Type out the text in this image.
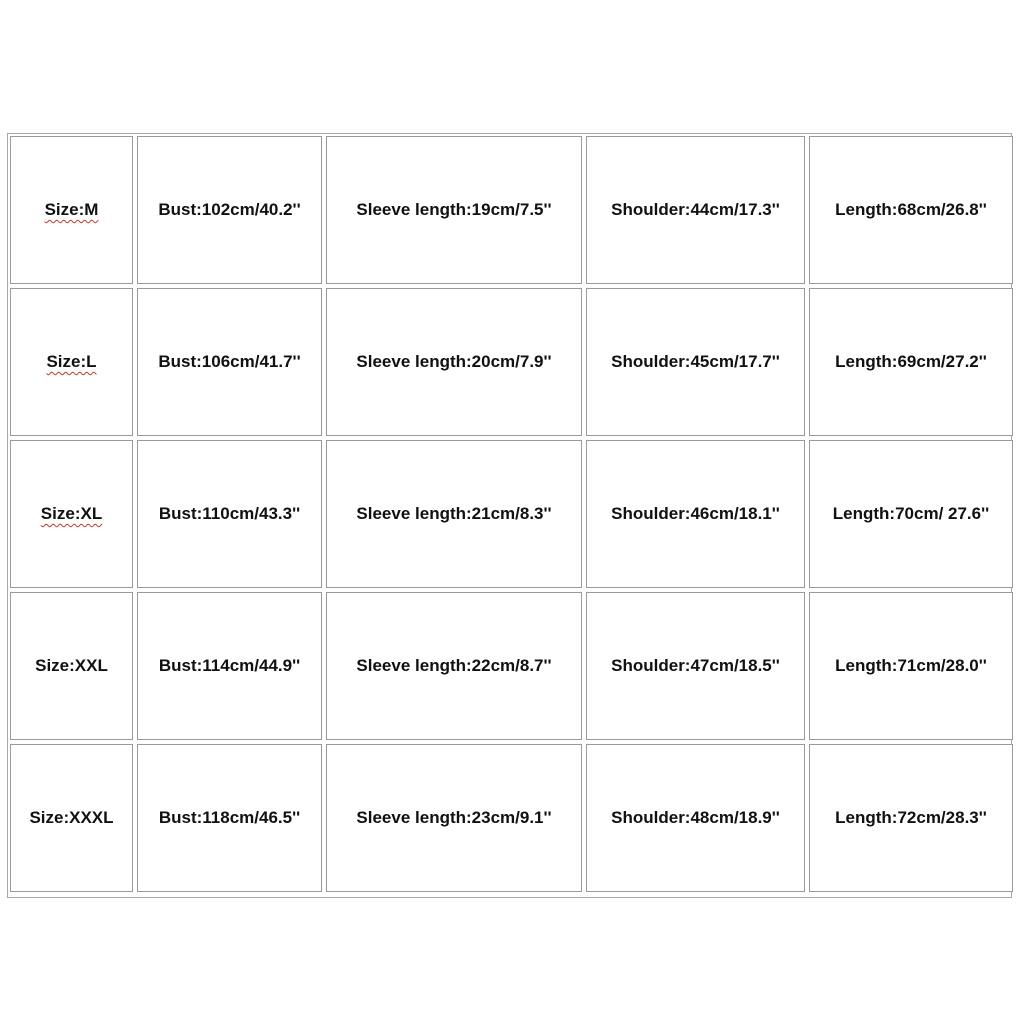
Size:M	Bust:102cm/40.2''	Sleeve length:19cm/7.5''	Shoulder:44cm/17.3''	Length:68cm/26.8''
Size:L	Bust:106cm/41.7''	Sleeve length:20cm/7.9''	Shoulder:45cm/17.7''	Length:69cm/27.2''
Size:XL	Bust:110cm/43.3''	Sleeve length:21cm/8.3''	Shoulder:46cm/18.1''	Length:70cm/ 27.6''
Size:XXL	Bust:114cm/44.9''	Sleeve length:22cm/8.7''	Shoulder:47cm/18.5''	Length:71cm/28.0''
Size:XXXL	Bust:118cm/46.5''	Sleeve length:23cm/9.1''	Shoulder:48cm/18.9''	Length:72cm/28.3''
